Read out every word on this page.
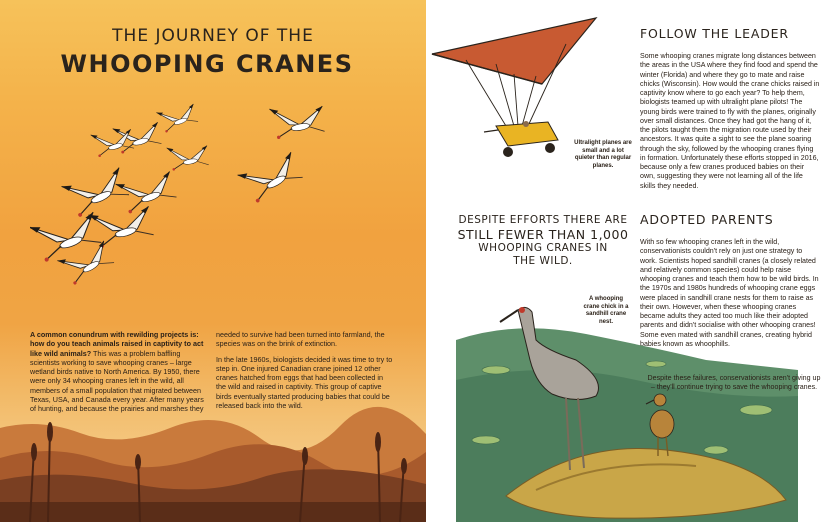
THE JOURNEY OF THE
WHOOPING CRANES

A common conundrum with rewilding projects is: how do you teach animals raised in captivity to act like wild animals? This was a problem baffling scientists working to save whooping cranes – large wetland birds native to North America. By 1950, there were only 34 whooping cranes left in the wild, all members of a small population that migrated between Texas, USA, and Canada every year. After many years of hunting, and because the prairies and marshes they

needed to survive had been turned into farmland, the species was on the brink of extinction.

In the late 1960s, biologists decided it was time to try to step in. One injured Canadian crane joined 12 other cranes hatched from eggs that had been collected in the wild and raised in captivity. This group of captive birds eventually started producing babies that could be released back into the wild.

Ultralight planes are small and a lot quieter than regular planes.
FOLLOW THE LEADER
Some whooping cranes migrate long distances between the areas in the USA where they find food and spend the winter (Florida) and where they go to mate and raise chicks (Wisconsin). How would the crane chicks raised in captivity know where to go each year? To help them, biologists teamed up with ultralight plane pilots! The young birds were trained to fly with the planes, originally over small distances. Once they had got the hang of it, the pilots taught them the migration route used by their ancestors. It was quite a sight to see the plane soaring through the sky, followed by the whooping cranes flying in formation. Unfortunately these efforts stopped in 2016, because only a few cranes produced babies on their own, suggesting they were not learning all of the life skills they needed.
DESPITE EFFORTS THERE ARE
STILL FEWER THAN 1,000
WHOOPING CRANES IN
THE WILD.
ADOPTED PARENTS
With so few whooping cranes left in the wild, conservationists couldn't rely on just one strategy to work. Scientists hoped sandhill cranes (a closely related and relatively common species) could help raise whooping cranes and teach them how to be wild birds. In the 1970s and 1980s hundreds of whooping crane eggs were placed in sandhill crane nests for them to raise as their own. However, when these whooping cranes became adults they acted too much like their adopted parents and didn't socialise with other whooping cranes! Some even mated with sandhill cranes, creating hybrid babies known as whoophills.
A whooping crane chick in a sandhill crane nest.
Despite these failures, conservationists aren't giving up – they'll continue trying to save the whooping cranes.
